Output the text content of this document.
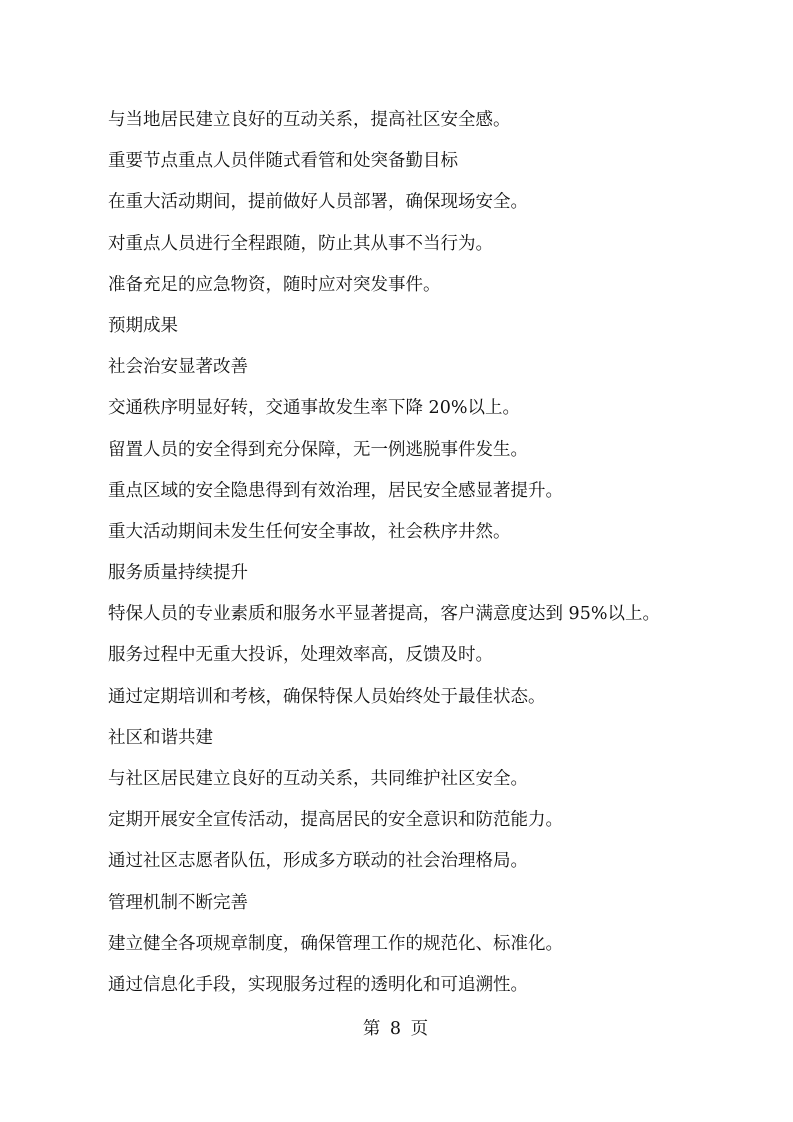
与当地居民建立良好的互动关系，提高社区安全感。
重要节点重点人员伴随式看管和处突备勤目标
在重大活动期间，提前做好人员部署，确保现场安全。
对重点人员进行全程跟随，防止其从事不当行为。
准备充足的应急物资，随时应对突发事件。
预期成果
社会治安显著改善
交通秩序明显好转，交通事故发生率下降 20%以上。
留置人员的安全得到充分保障，无一例逃脱事件发生。
重点区域的安全隐患得到有效治理，居民安全感显著提升。
重大活动期间未发生任何安全事故，社会秩序井然。
服务质量持续提升
特保人员的专业素质和服务水平显著提高，客户满意度达到 95%以上。
服务过程中无重大投诉，处理效率高，反馈及时。
通过定期培训和考核，确保特保人员始终处于最佳状态。
社区和谐共建
与社区居民建立良好的互动关系，共同维护社区安全。
定期开展安全宣传活动，提高居民的安全意识和防范能力。
通过社区志愿者队伍，形成多方联动的社会治理格局。
管理机制不断完善
建立健全各项规章制度，确保管理工作的规范化、标准化。
通过信息化手段，实现服务过程的透明化和可追溯性。
第 8 页
